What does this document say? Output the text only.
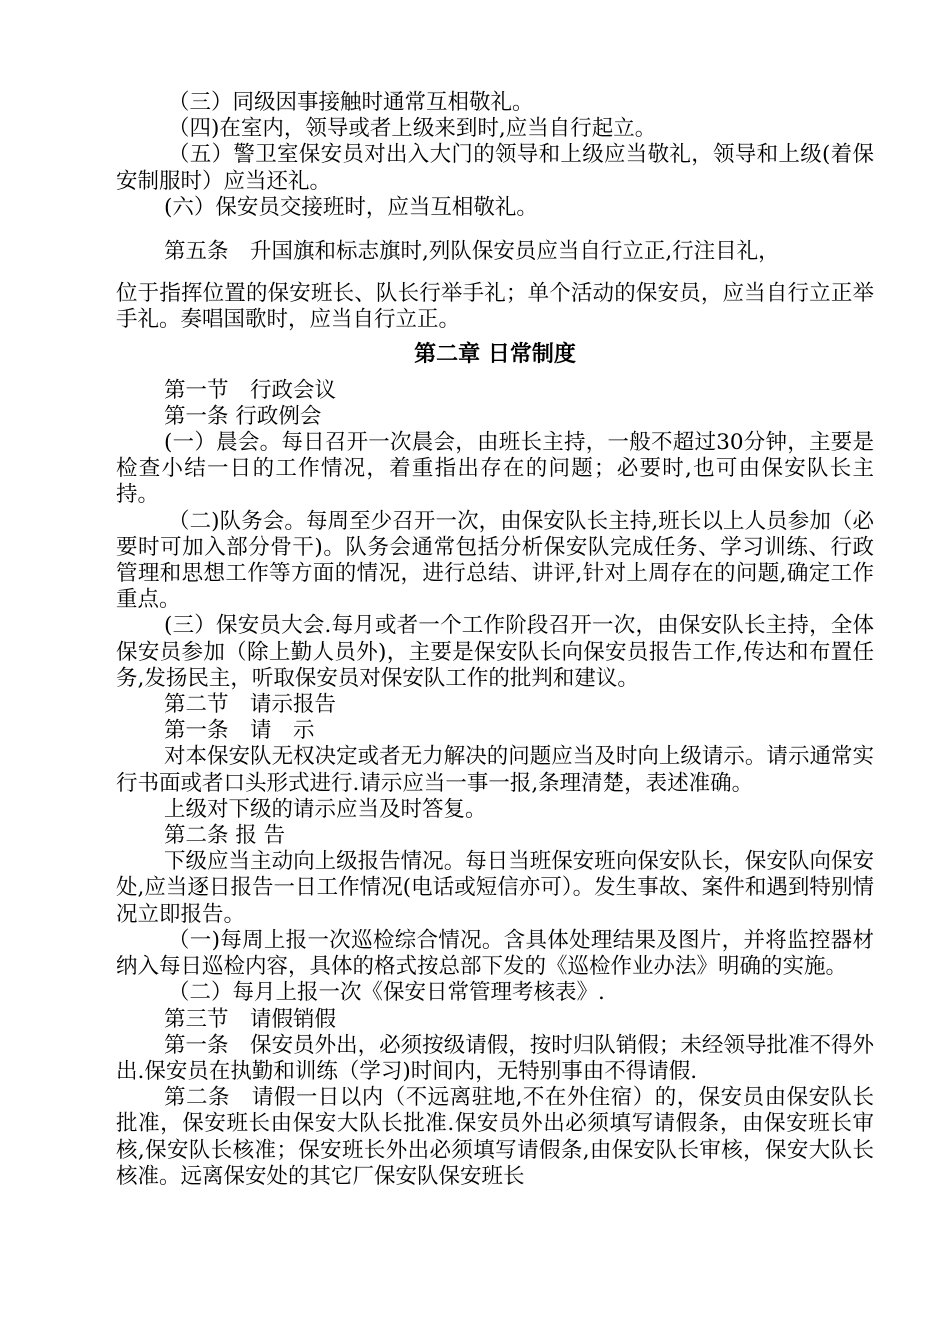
（三）同级因事接触时通常互相敬礼。

（四)在室内，领导或者上级来到时,应当自行起立。

（五）警卫室保安员对出入大门的领导和上级应当敬礼，领导和上级(着保安制服时）应当还礼。

(六）保安员交接班时，应当互相敬礼。

第五条　升国旗和标志旗时,列队保安员应当自行立正,行注目礼，

位于指挥位置的保安班长、队长行举手礼；单个活动的保安员，应当自行立正举手礼。奏唱国歌时，应当自行立正。

第二章 日常制度

第一节　行政会议

第一条 行政例会

(一）晨会。每日召开一次晨会，由班长主持，一般不超过30分钟，主要是检查小结一日的工作情况，着重指出存在的问题；必要时,也可由保安队长主持。

（二)队务会。每周至少召开一次，由保安队长主持,班长以上人员参加（必要时可加入部分骨干)。队务会通常包括分析保安队完成任务、学习训练、行政管理和思想工作等方面的情况，进行总结、讲评,针对上周存在的问题,确定工作重点。

(三）保安员大会.每月或者一个工作阶段召开一次，由保安队长主持，全体保安员参加（除上勤人员外)，主要是保安队长向保安员报告工作,传达和布置任务,发扬民主，听取保安员对保安队工作的批判和建议。

第二节　请示报告

第一条　请　示

对本保安队无权决定或者无力解决的问题应当及时向上级请示。请示通常实行书面或者口头形式进行.请示应当一事一报,条理清楚，表述准确。

上级对下级的请示应当及时答复。

第二条 报 告

下级应当主动向上级报告情况。每日当班保安班向保安队长，保安队向保安处,应当逐日报告一日工作情况(电话或短信亦可）。发生事故、案件和遇到特别情况立即报告。

（一)每周上报一次巡检综合情况。含具体处理结果及图片，并将监控器材纳入每日巡检内容，具体的格式按总部下发的《巡检作业办法》明确的实施。

（二）每月上报一次《保安日常管理考核表》.

第三节　请假销假

第一条　保安员外出，必须按级请假，按时归队销假；未经领导批准不得外出.保安员在执勤和训练（学习)时间内，无特别事由不得请假.

第二条　请假一日以内（不远离驻地,不在外住宿）的，保安员由保安队长批准，保安班长由保安大队长批准.保安员外出必须填写请假条，由保安班长审核,保安队长核准；保安班长外出必须填写请假条,由保安队长审核，保安大队长核准。远离保安处的其它厂保安队保安班长
